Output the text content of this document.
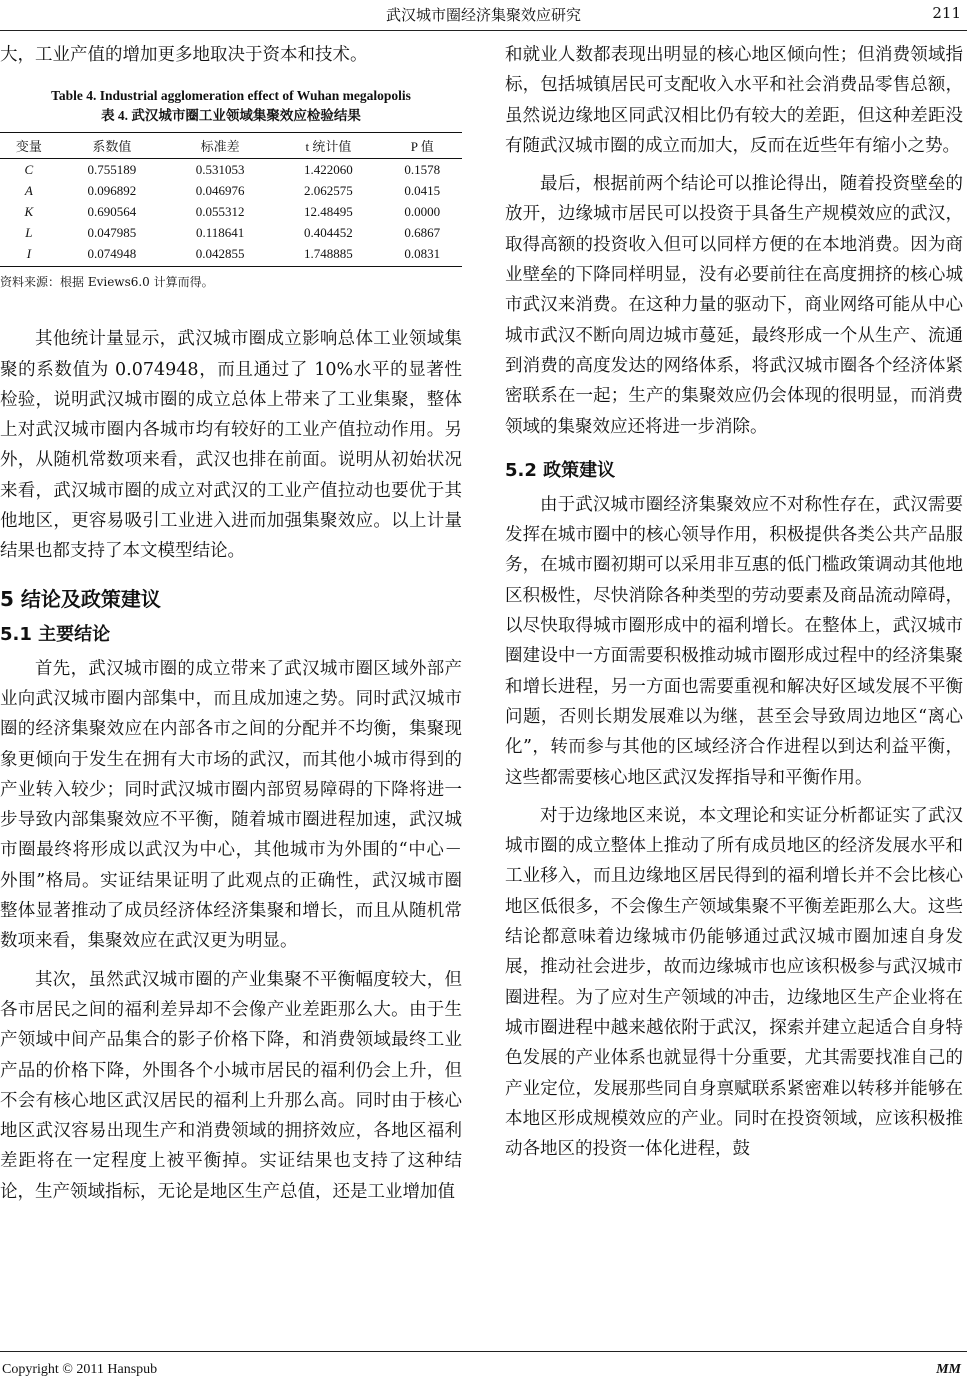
武汉城市圈经济集聚效应研究	211

大，工业产值的增加更多地取决于资本和技术。

Table 4. Industrial agglomeration effect of Wuhan megalopolis
表 4. 武汉城市圈工业领域集聚效应检验结果
变量	系数值	标准差	t 统计值	P 值
C	0.755189	0.531053	1.422060	0.1578
A	0.096892	0.046976	2.062575	0.0415
K	0.690564	0.055312	12.48495	0.0000
L	0.047985	0.118641	0.404452	0.6867
I	0.074948	0.042855	1.748885	0.0831
资料来源：根据 Eviews6.0 计算而得。

其他统计量显示，武汉城市圈成立影响总体工业领域集聚的系数值为 0.074948，而且通过了 10%水平的显著性检验，说明武汉城市圈的成立总体上带来了工业集聚，整体上对武汉城市圈内各城市均有较好的工业产值拉动作用。另外，从随机常数项来看，武汉也排在前面。说明从初始状况来看，武汉城市圈的成立对武汉的工业产值拉动也要优于其他地区，更容易吸引工业进入进而加强集聚效应。以上计量结果也都支持了本文模型结论。

5 结论及政策建议
5.1 主要结论

首先，武汉城市圈的成立带来了武汉城市圈区域外部产业向武汉城市圈内部集中，而且成加速之势。同时武汉城市圈的经济集聚效应在内部各市之间的分配并不均衡，集聚现象更倾向于发生在拥有大市场的武汉，而其他小城市得到的产业转入较少；同时武汉城市圈内部贸易障碍的下降将进一步导致内部集聚效应不平衡，随着城市圈进程加速，武汉城市圈最终将形成以武汉为中心，其他城市为外围的“中心－外围”格局。实证结果证明了此观点的正确性，武汉城市圈整体显著推动了成员经济体经济集聚和增长，而且从随机常数项来看，集聚效应在武汉更为明显。

其次，虽然武汉城市圈的产业集聚不平衡幅度较大，但各市居民之间的福利差异却不会像产业差距那么大。由于生产领域中间产品集合的影子价格下降，和消费领域最终工业产品的价格下降，外围各个小城市居民的福利仍会上升，但不会有核心地区武汉居民的福利上升那么高。同时由于核心地区武汉容易出现生产和消费领域的拥挤效应，各地区福利差距将在一定程度上被平衡掉。实证结果也支持了这种结论，生产领域指标，无论是地区生产总值，还是工业增加值

和就业人数都表现出明显的核心地区倾向性；但消费领域指标，包括城镇居民可支配收入水平和社会消费品零售总额，虽然说边缘地区同武汉相比仍有较大的差距，但这种差距没有随武汉城市圈的成立而加大，反而在近些年有缩小之势。

最后，根据前两个结论可以推论得出，随着投资壁垒的放开，边缘城市居民可以投资于具备生产规模效应的武汉，取得高额的投资收入但可以同样方便的在本地消费。因为商业壁垒的下降同样明显，没有必要前往在高度拥挤的核心城市武汉来消费。在这种力量的驱动下，商业网络可能从中心城市武汉不断向周边城市蔓延，最终形成一个从生产、流通到消费的高度发达的网络体系，将武汉城市圈各个经济体紧密联系在一起；生产的集聚效应仍会体现的很明显，而消费领域的集聚效应还将进一步消除。

5.2 政策建议

由于武汉城市圈经济集聚效应不对称性存在，武汉需要发挥在城市圈中的核心领导作用，积极提供各类公共产品服务，在城市圈初期可以采用非互惠的低门槛政策调动其他地区积极性，尽快消除各种类型的劳动要素及商品流动障碍，以尽快取得城市圈形成中的福利增长。在整体上，武汉城市圈建设中一方面需要积极推动城市圈形成过程中的经济集聚和增长进程，另一方面也需要重视和解决好区域发展不平衡问题，否则长期发展难以为继，甚至会导致周边地区“离心化”，转而参与其他的区域经济合作进程以到达利益平衡，这些都需要核心地区武汉发挥指导和平衡作用。

对于边缘地区来说，本文理论和实证分析都证实了武汉城市圈的成立整体上推动了所有成员地区的经济发展水平和工业移入，而且边缘地区居民得到的福利增长并不会比核心地区低很多，不会像生产领域集聚不平衡差距那么大。这些结论都意味着边缘城市仍能够通过武汉城市圈加速自身发展，推动社会进步，故而边缘城市也应该积极参与武汉城市圈进程。为了应对生产领域的冲击，边缘地区生产企业将在城市圈进程中越来越依附于武汉，探索并建立起适合自身特色发展的产业体系也就显得十分重要，尤其需要找准自己的产业定位，发展那些同自身禀赋联系紧密难以转移并能够在本地区形成规模效应的产业。同时在投资领域，应该积极推动各地区的投资一体化进程，鼓

Copyright © 2011 Hanspub	MM
